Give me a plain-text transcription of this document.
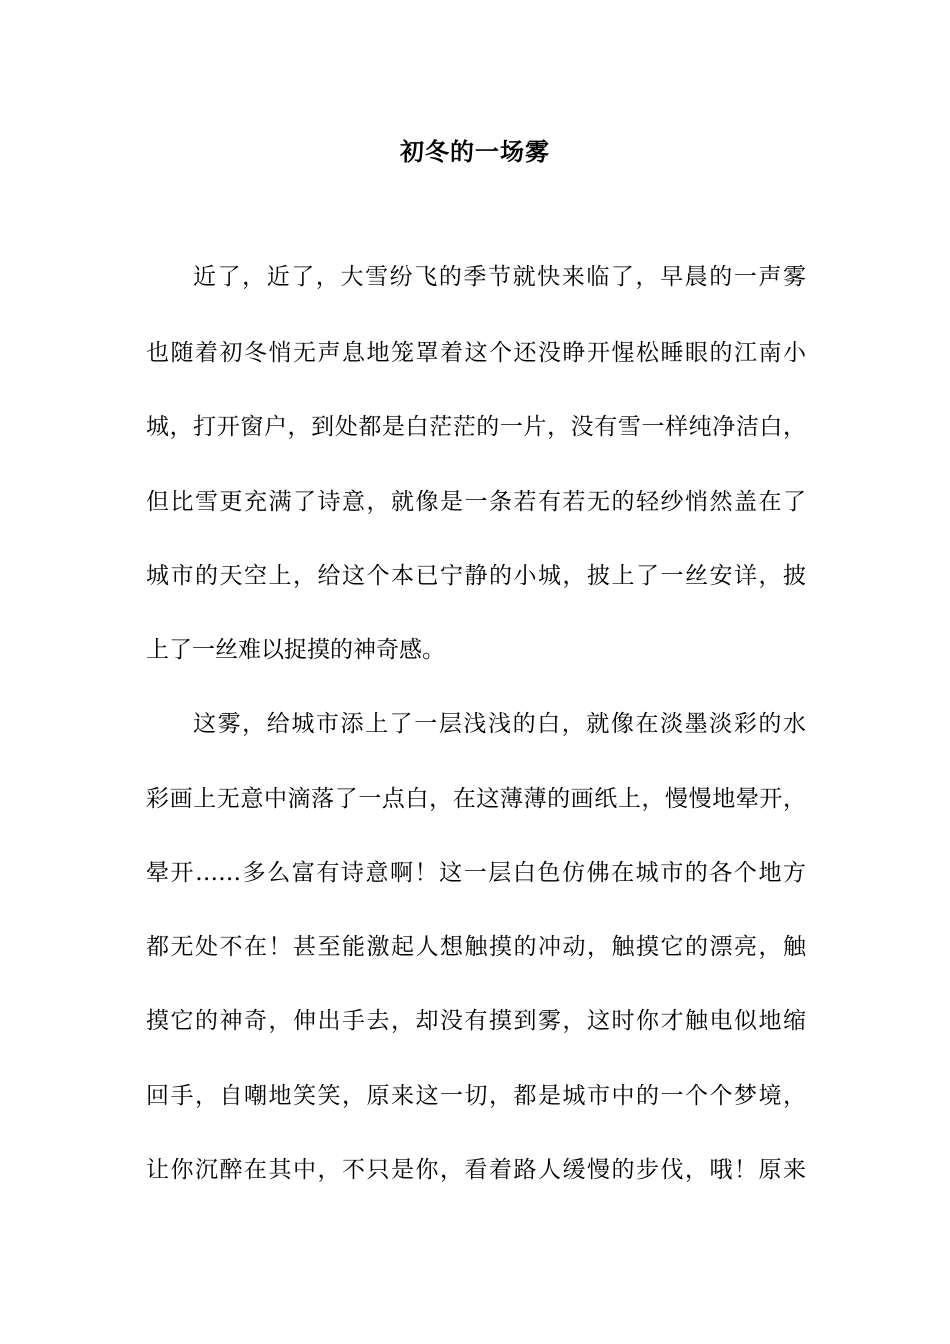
初冬的一场雾
近了，近了，大雪纷飞的季节就快来临了，早晨的一声雾
也随着初冬悄无声息地笼罩着这个还没睁开惺松睡眼的江南小
城，打开窗户，到处都是白茫茫的一片，没有雪一样纯净洁白，
但比雪更充满了诗意，就像是一条若有若无的轻纱悄然盖在了
城市的天空上，给这个本已宁静的小城，披上了一丝安详，披
上了一丝难以捉摸的神奇感。
这雾，给城市添上了一层浅浅的白，就像在淡墨淡彩的水
彩画上无意中滴落了一点白，在这薄薄的画纸上，慢慢地晕开，
晕开……多么富有诗意啊！这一层白色仿佛在城市的各个地方
都无处不在！甚至能激起人想触摸的冲动，触摸它的漂亮，触
摸它的神奇，伸出手去，却没有摸到雾，这时你才触电似地缩
回手，自嘲地笑笑，原来这一切，都是城市中的一个个梦境，
让你沉醉在其中，不只是你，看着路人缓慢的步伐，哦！原来
